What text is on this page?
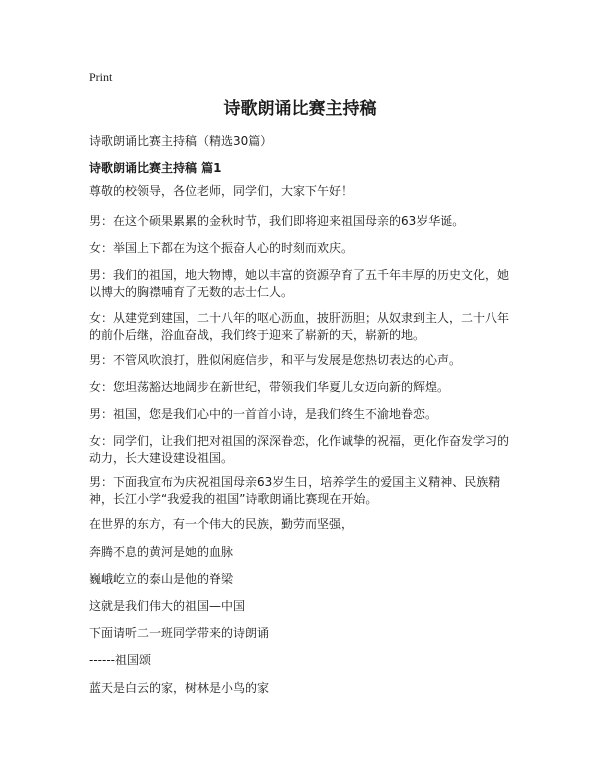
Print
诗歌朗诵比赛主持稿
诗歌朗诵比赛主持稿（精选30篇）
诗歌朗诵比赛主持稿 篇1

尊敬的校领导，各位老师，同学们，大家下午好！

男：在这个硕果累累的金秋时节，我们即将迎来祖国母亲的63岁华诞。

女：举国上下都在为这个振奋人心的时刻而欢庆。

男：我们的祖国，地大物博，她以丰富的资源孕育了五千年丰厚的历史文化，她以博大的胸襟哺育了无数的志士仁人。

女：从建党到建国，二十八年的呕心沥血，披肝沥胆；从奴隶到主人，二十八年的前仆后继，浴血奋战，我们终于迎来了崭新的天，崭新的地。

男：不管风吹浪打，胜似闲庭信步，和平与发展是您热切表达的心声。

女：您坦荡豁达地阔步在新世纪，带领我们华夏儿女迈向新的辉煌。

男：祖国，您是我们心中的一首首小诗，是我们终生不渝地眷恋。

女：同学们，让我们把对祖国的深深眷恋，化作诚挚的祝福，更化作奋发学习的动力，长大建设建设祖国。

男：下面我宣布为庆祝祖国母亲63岁生日，培养学生的爱国主义精神、民族精神，长江小学“我爱我的祖国”诗歌朗诵比赛现在开始。

在世界的东方，有一个伟大的民族，勤劳而坚强，

奔腾不息的黄河是她的血脉

巍峨屹立的泰山是他的脊梁

这就是我们伟大的祖国—中国

下面请听二一班同学带来的诗朗诵

------祖国颂

蓝天是白云的家，树林是小鸟的家
